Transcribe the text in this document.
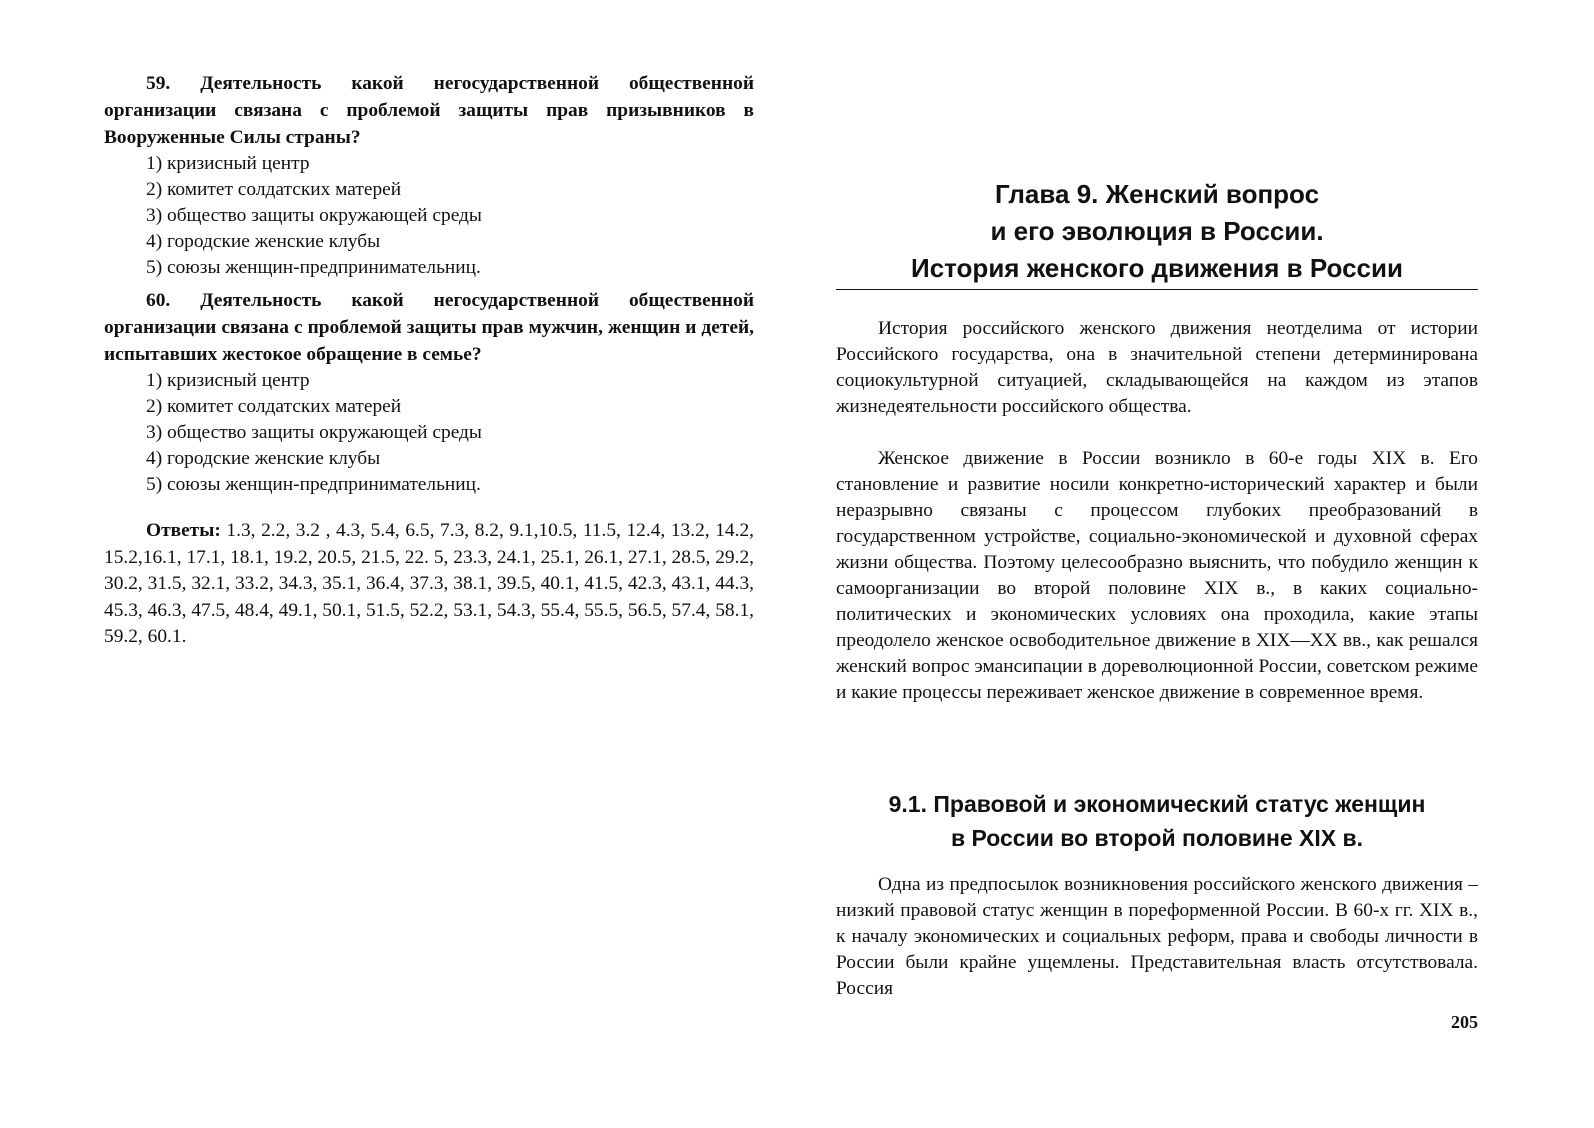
59. Деятельность какой негосударственной общественной организации связана с проблемой защиты прав призывников в Вооруженные Силы страны?
1) кризисный центр
2) комитет солдатских матерей
3) общество защиты окружающей среды
4) городские женские клубы
5) союзы женщин-предпринимательниц.
60. Деятельность какой негосударственной общественной организации связана с проблемой защиты прав мужчин, женщин и детей, испытавших жестокое обращение в семье?
1) кризисный центр
2) комитет солдатских матерей
3) общество защиты окружающей среды
4) городские женские клубы
5) союзы женщин-предпринимательниц.
Ответы: 1.3, 2.2, 3.2 , 4.3, 5.4, 6.5, 7.3, 8.2, 9.1,10.5, 11.5, 12.4, 13.2, 14.2, 15.2,16.1, 17.1, 18.1, 19.2, 20.5, 21.5, 22. 5, 23.3, 24.1, 25.1, 26.1, 27.1, 28.5, 29.2, 30.2, 31.5, 32.1, 33.2, 34.3, 35.1, 36.4, 37.3, 38.1, 39.5, 40.1, 41.5, 42.3, 43.1, 44.3, 45.3, 46.3, 47.5, 48.4, 49.1, 50.1, 51.5, 52.2, 53.1, 54.3, 55.4, 55.5, 56.5, 57.4, 58.1, 59.2, 60.1.
Глава 9. Женский вопрос
и его эволюция в России.
История женского движения в России
История российского женского движения неотделима от истории Российского государства, она в значительной степени детерминирована социокультурной ситуацией, складывающейся на каждом из этапов жизнедеятельности российского общества.
Женское движение в России возникло в 60-е годы XIX в. Его становление и развитие носили конкретно-исторический характер и были неразрывно связаны с процессом глубоких преобразований в государственном устройстве, социально-экономической и духовной сферах жизни общества. Поэтому целесообразно выяснить, что побудило женщин к самоорганизации во второй половине XIX в., в каких социально-политических и экономических условиях она проходила, какие этапы преодолело женское освободительное движение в XIX—XX вв., как решался женский вопрос эмансипации в дореволюционной России, советском режиме и какие процессы переживает женское движение в современное время.
9.1. Правовой и экономический статус женщин
в России во второй половине XIX в.
Одна из предпосылок возникновения российского женского движения – низкий правовой статус женщин в пореформенной России. В 60-х гг. XIX в., к началу экономических и социальных реформ, права и свободы личности в России были крайне ущемлены. Представительная власть отсутствовала. Россия
205
